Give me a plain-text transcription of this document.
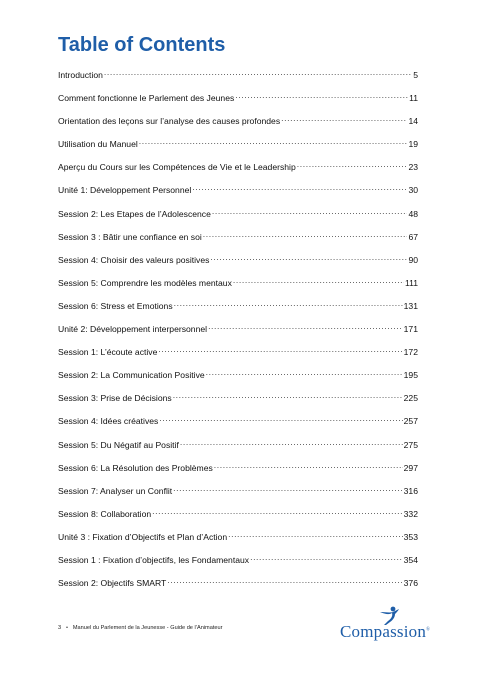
Table of Contents
Introduction .....	5
Comment fonctionne le Parlement des Jeunes .....	11
Orientation des leçons sur l’analyse des causes profondes .....	14
Utilisation du Manuel .....	19
Aperçu du Cours sur les Compétences de Vie et le Leadership .....	23
Unité 1: Développement Personnel .....	30
Session 2: Les Etapes de l’Adolescence .....	48
Session 3 : Bâtir une confiance en soi .....	67
Session 4: Choisir des valeurs positives .....	90
Session 5: Comprendre les modèles mentaux .....	111
Session 6: Stress et Emotions .....	131
Unité 2: Développement interpersonnel .....	171
Session 1: L’écoute active .....	172
Session 2: La Communication Positive .....	195
Session 3: Prise de Décisions .....	225
Session 4: Idées créatives .....	257
Session 5: Du Négatif au Positif .....	275
Session 6: La Résolution des Problèmes .....	297
Session 7: Analyser un Conflit .....	316
Session 8: Collaboration .....	332
Unité 3 : Fixation d’Objectifs et Plan d’Action .....	353
Session 1 : Fixation d’objectifs, les Fondamentaux .....	354
Session 2: Objectifs SMART .....	376
3 • Manuel du Parlement de la Jeunesse - Guide de l’Animateur	Compassion®
